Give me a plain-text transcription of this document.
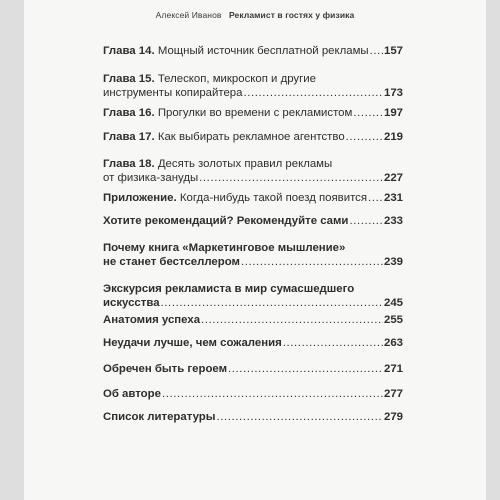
Алексей Иванов Рекламист в гостях у физика
Глава 14. Мощный источник бесплатной рекламы ..... 157
Глава 15. Телескоп, микроскоп и другие
инструменты копирайтера .....	173
Глава 16. Прогулки во времени с рекламистом .....	197
Глава 17. Как выбирать рекламное агентство .....	219
Глава 18. Десять золотых правил рекламы
от физика-зануды .....	227
Приложение. Когда-нибудь такой поезд появится ..... 231
Хотите рекомендаций? Рекомендуйте сами .....	233
Почему книга «Маркетинговое мышление»
не станет бестселлером .....	239
Экскурсия рекламиста в мир сумасшедшего
искусства .....	245
Анатомия успеха .....	255
Неудачи лучше, чем сожаления .....	263
Обречен быть героем .....	271
Об авторе .....	277
Список литературы .....	279
